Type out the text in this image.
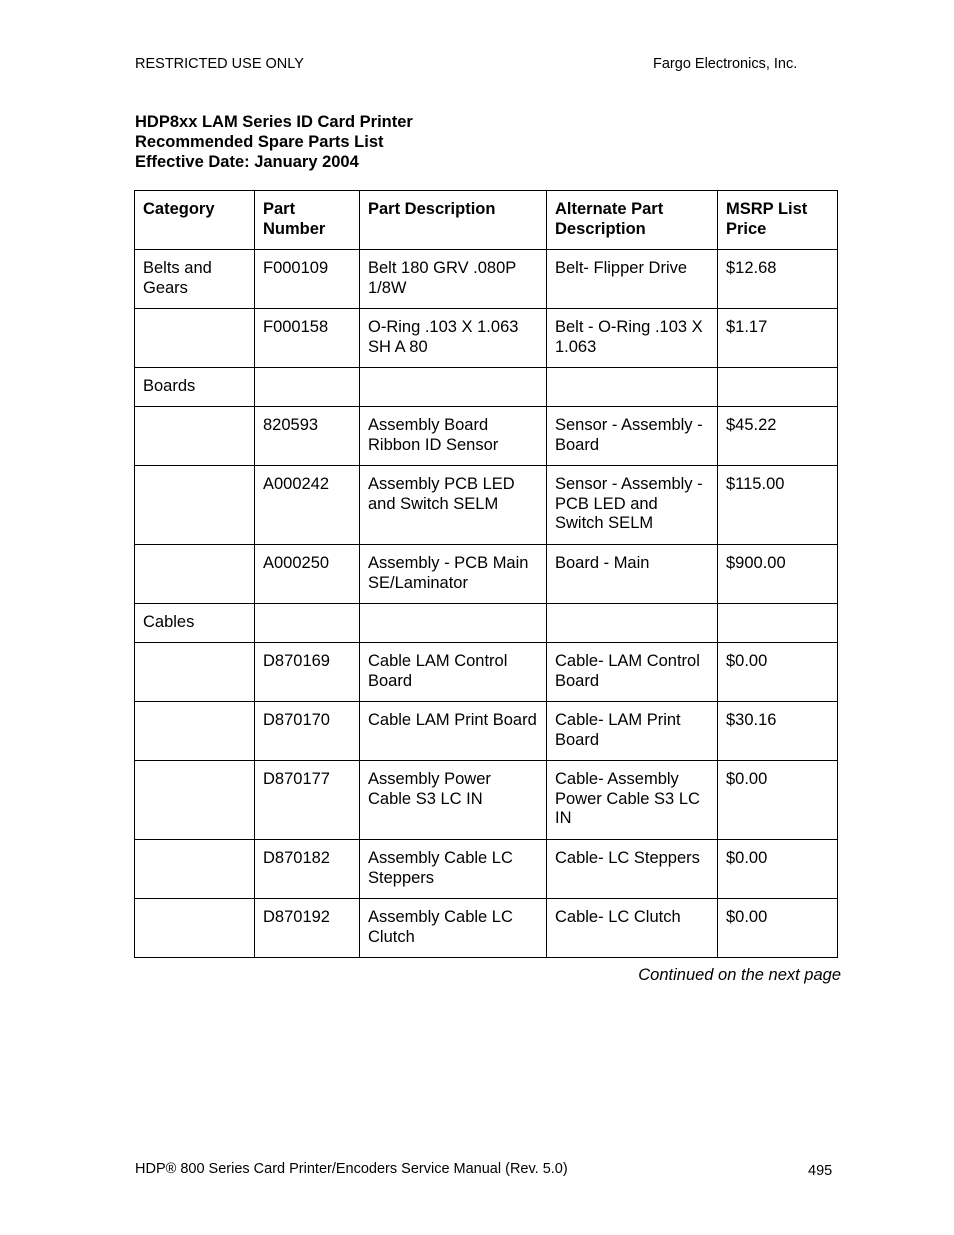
RESTRICTED USE ONLY	Fargo Electronics, Inc.
HDP8xx LAM Series ID Card Printer
Recommended Spare Parts List
Effective Date: January 2004
Category	Part Number	Part Description	Alternate Part Description	MSRP List Price
Belts and Gears	F000109	Belt 180 GRV .080P 1/8W	Belt- Flipper Drive	$12.68
	F000158	O-Ring .103 X 1.063 SH A 80	Belt - O-Ring .103 X 1.063	$1.17
Boards				
	820593	Assembly Board Ribbon ID Sensor	Sensor - Assembly - Board	$45.22
	A000242	Assembly PCB LED and Switch SELM	Sensor - Assembly - PCB LED and Switch SELM	$115.00
	A000250	Assembly - PCB Main SE/Laminator	Board - Main	$900.00
Cables				
	D870169	Cable LAM Control Board	Cable- LAM Control Board	$0.00
	D870170	Cable LAM Print Board	Cable- LAM Print Board	$30.16
	D870177	Assembly Power Cable S3 LC IN	Cable- Assembly Power Cable S3 LC IN	$0.00
	D870182	Assembly Cable LC Steppers	Cable- LC Steppers	$0.00
	D870192	Assembly Cable LC Clutch	Cable- LC Clutch	$0.00
Continued on the next page
HDP® 800 Series Card Printer/Encoders Service Manual (Rev. 5.0)	495
